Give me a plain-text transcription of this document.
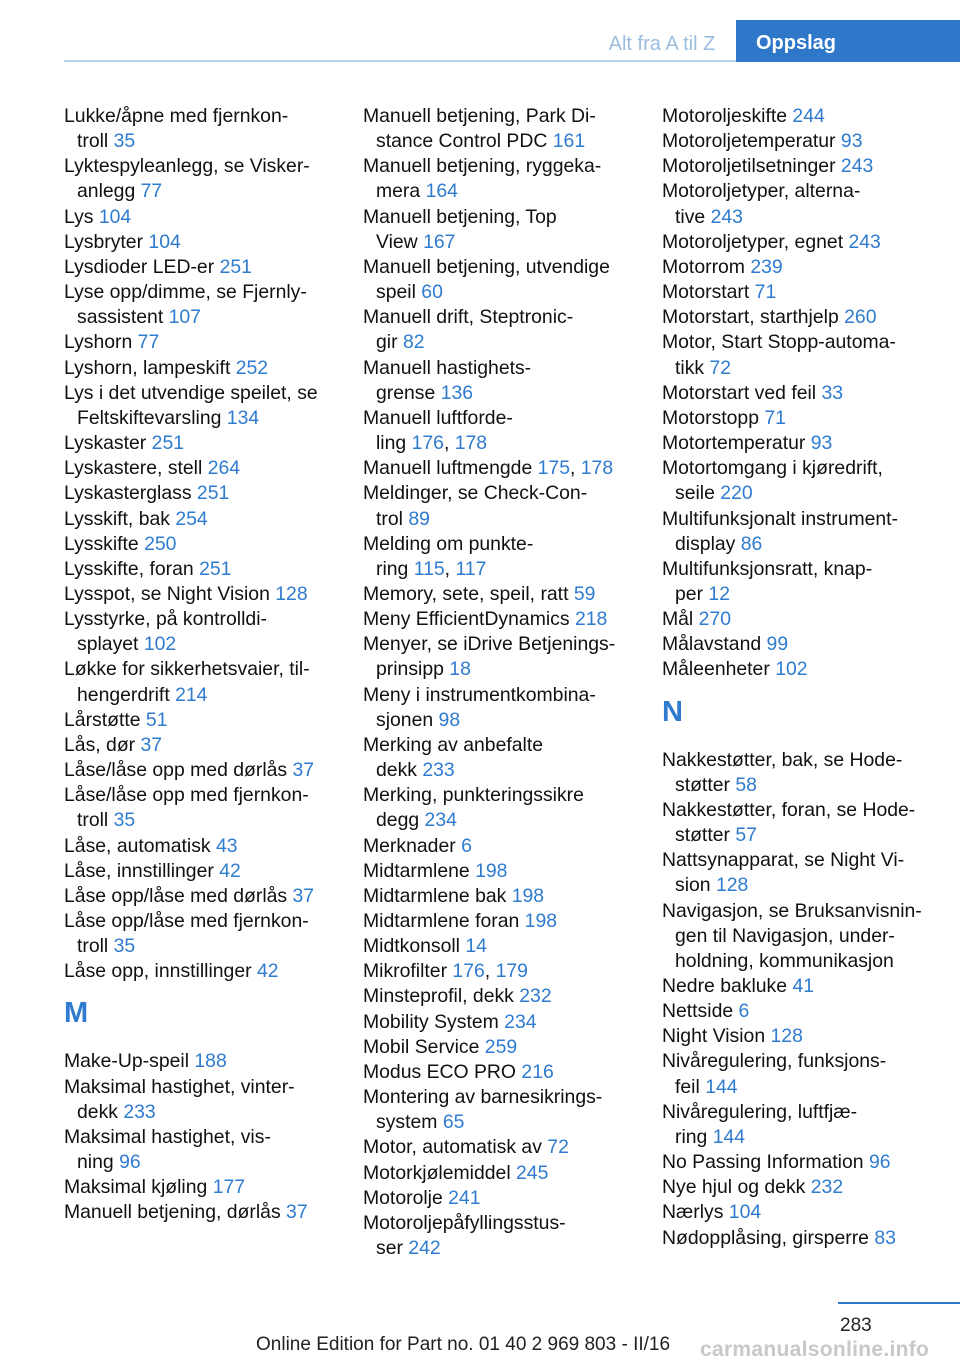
Alt fra A til Z	Oppslag
Lukke/åpne med fjernkon-
troll 35
Lyktespyleanlegg, se Visker-
anlegg 77
Lys 104
Lysbryter 104
Lysdioder LED-er 251
Lyse opp/dimme, se Fjernly-
sassistent 107
Lyshorn 77
Lyshorn, lampeskift 252
Lys i det utvendige speilet, se
Feltskiftevarsling 134
Lyskaster 251
Lyskastere, stell 264
Lyskasterglass 251
Lysskift, bak 254
Lysskifte 250
Lysskifte, foran 251
Lysspot, se Night Vision 128
Lysstyrke, på kontrolldi-
splayet 102
Løkke for sikkerhetsvaier, til-
hengerdrift 214
Lårstøtte 51
Lås, dør 37
Låse/låse opp med dørlås 37
Låse/låse opp med fjernkon-
troll 35
Låse, automatisk 43
Låse, innstillinger 42
Låse opp/låse med dørlås 37
Låse opp/låse med fjernkon-
troll 35
Låse opp, innstillinger 42
M
Make-Up-speil 188
Maksimal hastighet, vinter-
dekk 233
Maksimal hastighet, vis-
ning 96
Maksimal kjøling 177
Manuell betjening, dørlås 37
Manuell betjening, Park Di-
stance Control PDC 161
Manuell betjening, ryggeka-
mera 164
Manuell betjening, Top
View 167
Manuell betjening, utvendige
speil 60
Manuell drift, Steptronic-
gir 82
Manuell hastighets-
grense 136
Manuell luftforde-
ling 176, 178
Manuell luftmengde 175, 178
Meldinger, se Check-Con-
trol 89
Melding om punkte-
ring 115, 117
Memory, sete, speil, ratt 59
Meny EfficientDynamics 218
Menyer, se iDrive Betjenings-
prinsipp 18
Meny i instrumentkombina-
sjonen 98
Merking av anbefalte
dekk 233
Merking, punkteringssikre
degg 234
Merknader 6
Midtarmlene 198
Midtarmlene bak 198
Midtarmlene foran 198
Midtkonsoll 14
Mikrofilter 176, 179
Minsteprofil, dekk 232
Mobility System 234
Mobil Service 259
Modus ECO PRO 216
Montering av barnesikrings-
system 65
Motor, automatisk av 72
Motorkjølemiddel 245
Motorolje 241
Motoroljepåfyllingsstus-
ser 242
Motoroljeskifte 244
Motoroljetemperatur 93
Motoroljetilsetninger 243
Motoroljetyper, alterna-
tive 243
Motoroljetyper, egnet 243
Motorrom 239
Motorstart 71
Motorstart, starthjelp 260
Motor, Start Stopp-automa-
tikk 72
Motorstart ved feil 33
Motorstopp 71
Motortemperatur 93
Motortomgang i kjøredrift,
seile 220
Multifunksjonalt instrument-
display 86
Multifunksjonsratt, knap-
per 12
Mål 270
Målavstand 99
Måleenheter 102
N
Nakkestøtter, bak, se Hode-
støtter 58
Nakkestøtter, foran, se Hode-
støtter 57
Nattsynapparat, se Night Vi-
sion 128
Navigasjon, se Bruksanvisnin-
gen til Navigasjon, under-
holdning, kommunikasjon
Nedre bakluke 41
Nettside 6
Night Vision 128
Nivåregulering, funksjons-
feil 144
Nivåregulering, luftfjæ-
ring 144
No Passing Information 96
Nye hjul og dekk 232
Nærlys 104
Nødopplåsing, girsperre 83
283
Online Edition for Part no. 01 40 2 969 803 - II/16 carmanualsonline.info
